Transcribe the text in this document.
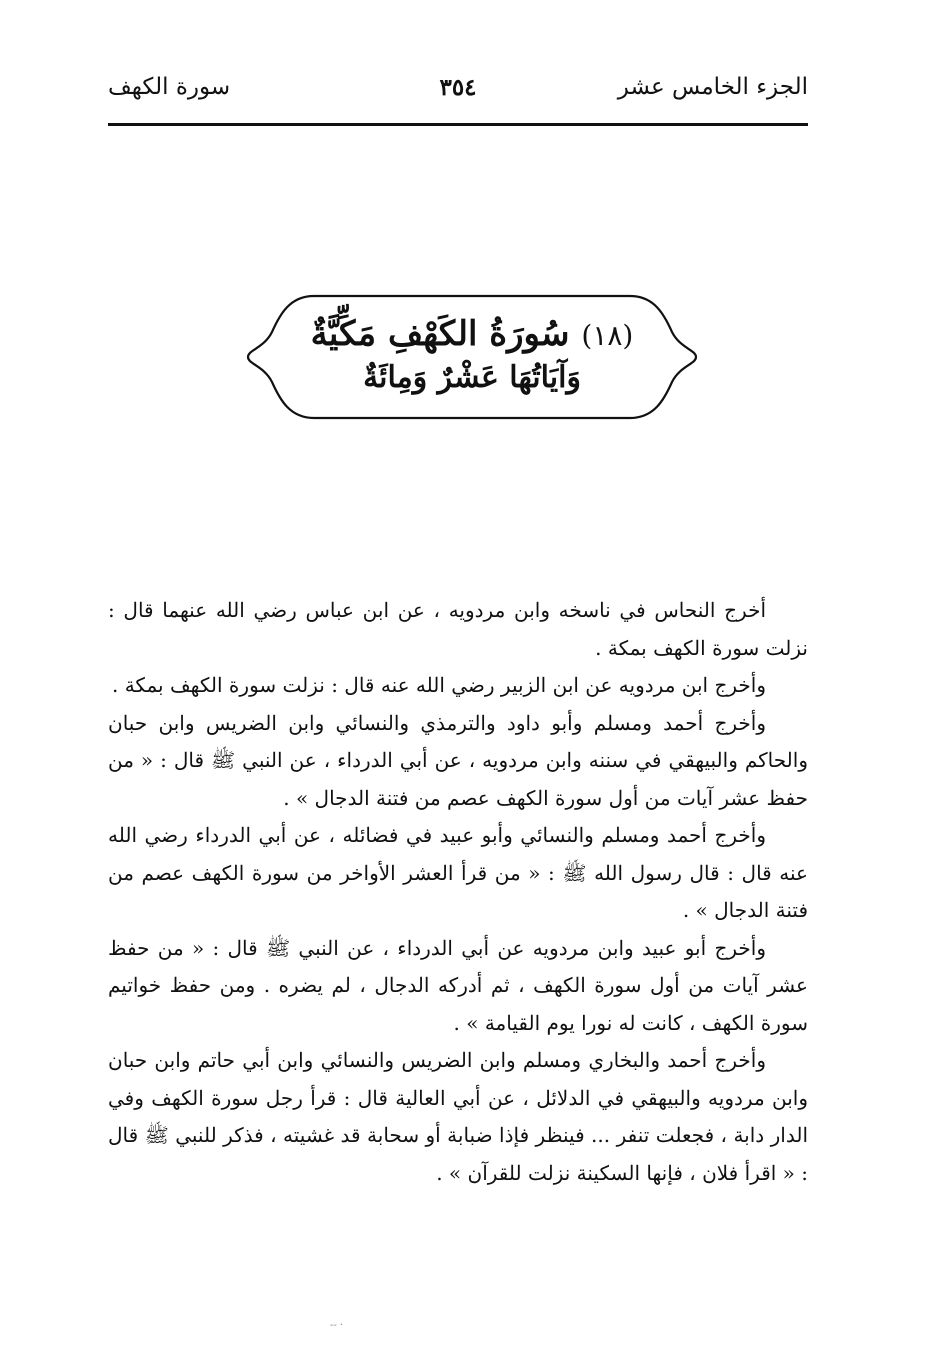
الجزء الخامس عشر
٣٥٤
سورة الكهف
(١٨) سُورَةُ الكَهْفِ مَكِّيَّةٌ
وَآيَاتُهَا عَشْرٌ وَمِائَةٌ

أخرج النحاس في ناسخه وابن مردويه ، عن ابن عباس رضي الله عنهما قال : نزلت سورة الكهف بمكة .

وأخرج ابن مردويه عن ابن الزبير رضي الله عنه قال : نزلت سورة الكهف بمكة .

وأخرج أحمد ومسلم وأبو داود والترمذي والنسائي وابن الضريس وابن حبان والحاكم والبيهقي في سننه وابن مردويه ، عن أبي الدرداء ، عن النبي ﷺ قال : « من حفظ عشر آيات من أول سورة الكهف عصم من فتنة الدجال » .

وأخرج أحمد ومسلم والنسائي وأبو عبيد في فضائله ، عن أبي الدرداء رضي الله عنه قال : قال رسول الله ﷺ : « من قرأ العشر الأواخر من سورة الكهف عصم من فتنة الدجال » .

وأخرج أبو عبيد وابن مردويه عن أبي الدرداء ، عن النبي ﷺ قال : « من حفظ عشر آيات من أول سورة الكهف ، ثم أدركه الدجال ، لم يضره . ومن حفظ خواتيم سورة الكهف ، كانت له نورا يوم القيامة » .

وأخرج أحمد والبخاري ومسلم وابن الضريس والنسائي وابن أبي حاتم وابن حبان وابن مردويه والبيهقي في الدلائل ، عن أبي العالية قال : قرأ رجل سورة الكهف وفي الدار دابة ، فجعلت تنفر ... فينظر فإذا ضبابة أو سحابة قد غشيته ، فذكر للنبي ﷺ قال : « اقرأ فلان ، فإنها السكينة نزلت للقرآن » .

-- ·
